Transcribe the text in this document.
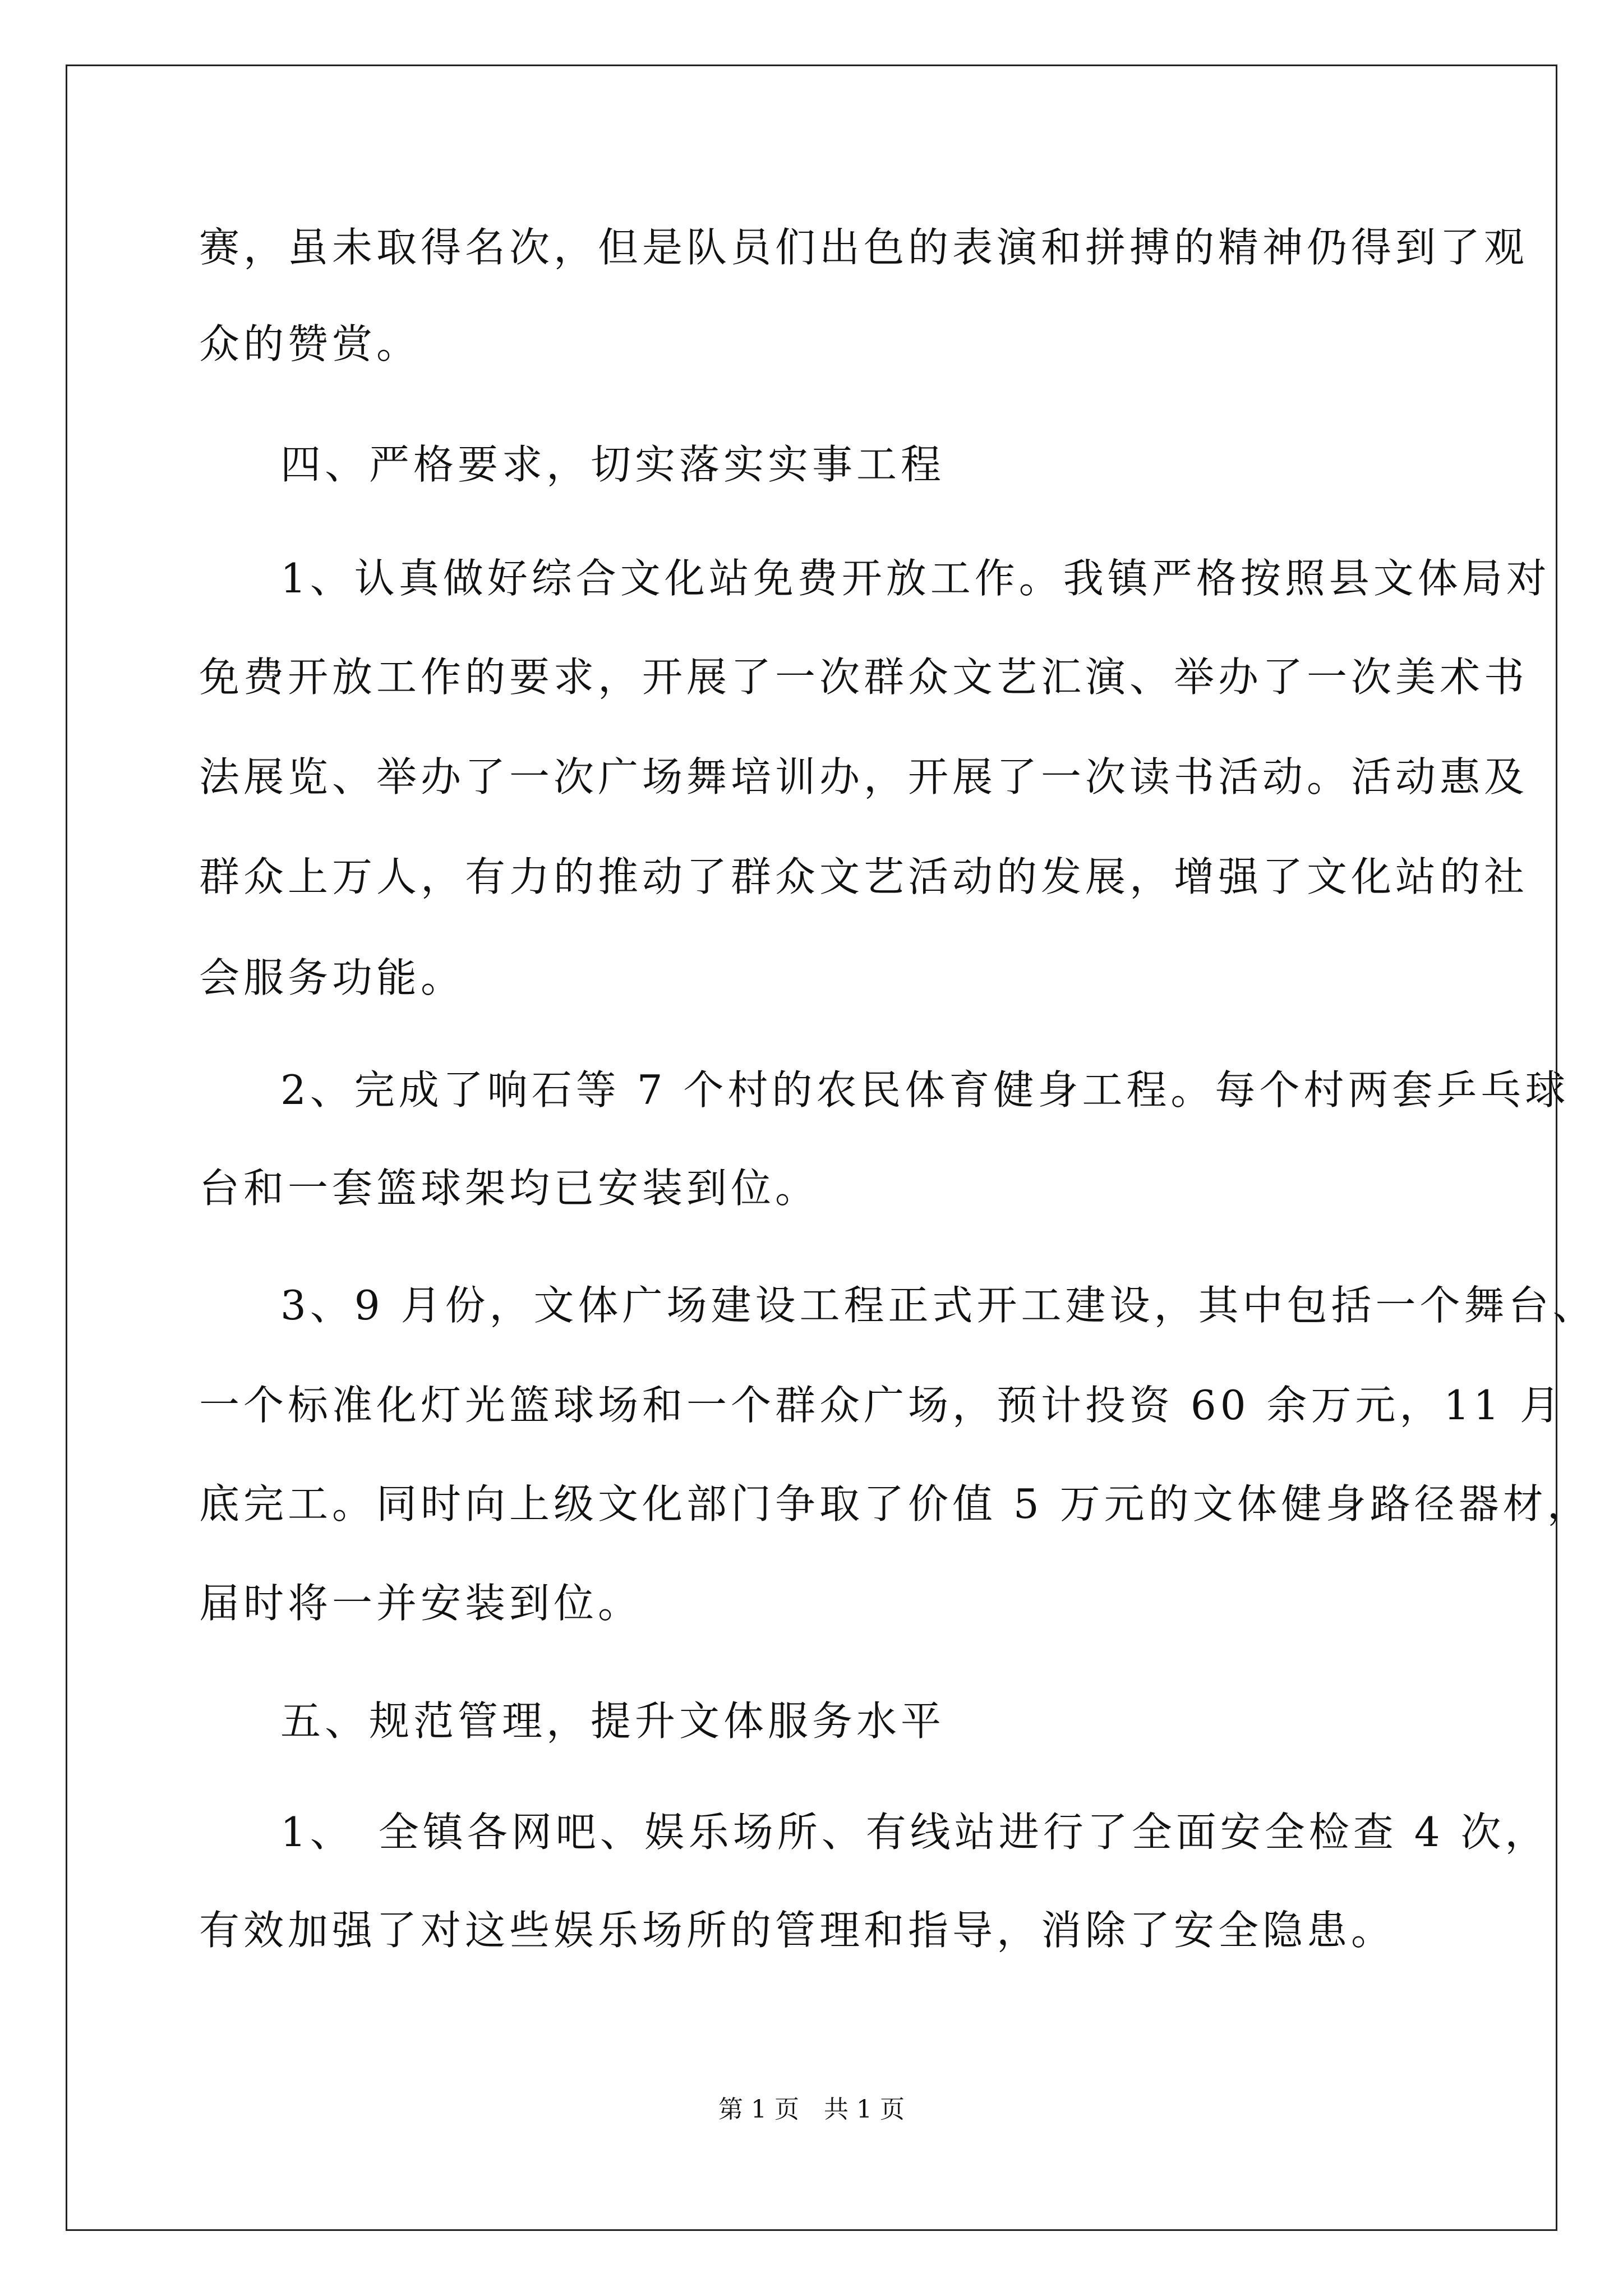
赛，虽未取得名次，但是队员们出色的表演和拼搏的精神仍得到了观

众的赞赏。

四、严格要求，切实落实实事工程

1、认真做好综合文化站免费开放工作。我镇严格按照县文体局对

免费开放工作的要求，开展了一次群众文艺汇演、举办了一次美术书

法展览、举办了一次广场舞培训办，开展了一次读书活动。活动惠及

群众上万人，有力的推动了群众文艺活动的发展，增强了文化站的社

会服务功能。

2、完成了响石等 7 个村的农民体育健身工程。每个村两套乒乓球

台和一套篮球架均已安装到位。

3、9 月份，文体广场建设工程正式开工建设，其中包括一个舞台、

一个标准化灯光篮球场和一个群众广场，预计投资 60 余万元，11 月

底完工。同时向上级文化部门争取了价值 5 万元的文体健身路径器材，

届时将一并安装到位。

五、规范管理，提升文体服务水平

1、　全镇各网吧、娱乐场所、有线站进行了全面安全检查 4 次，

有效加强了对这些娱乐场所的管理和指导，消除了安全隐患。

第 1 页　共 1 页
